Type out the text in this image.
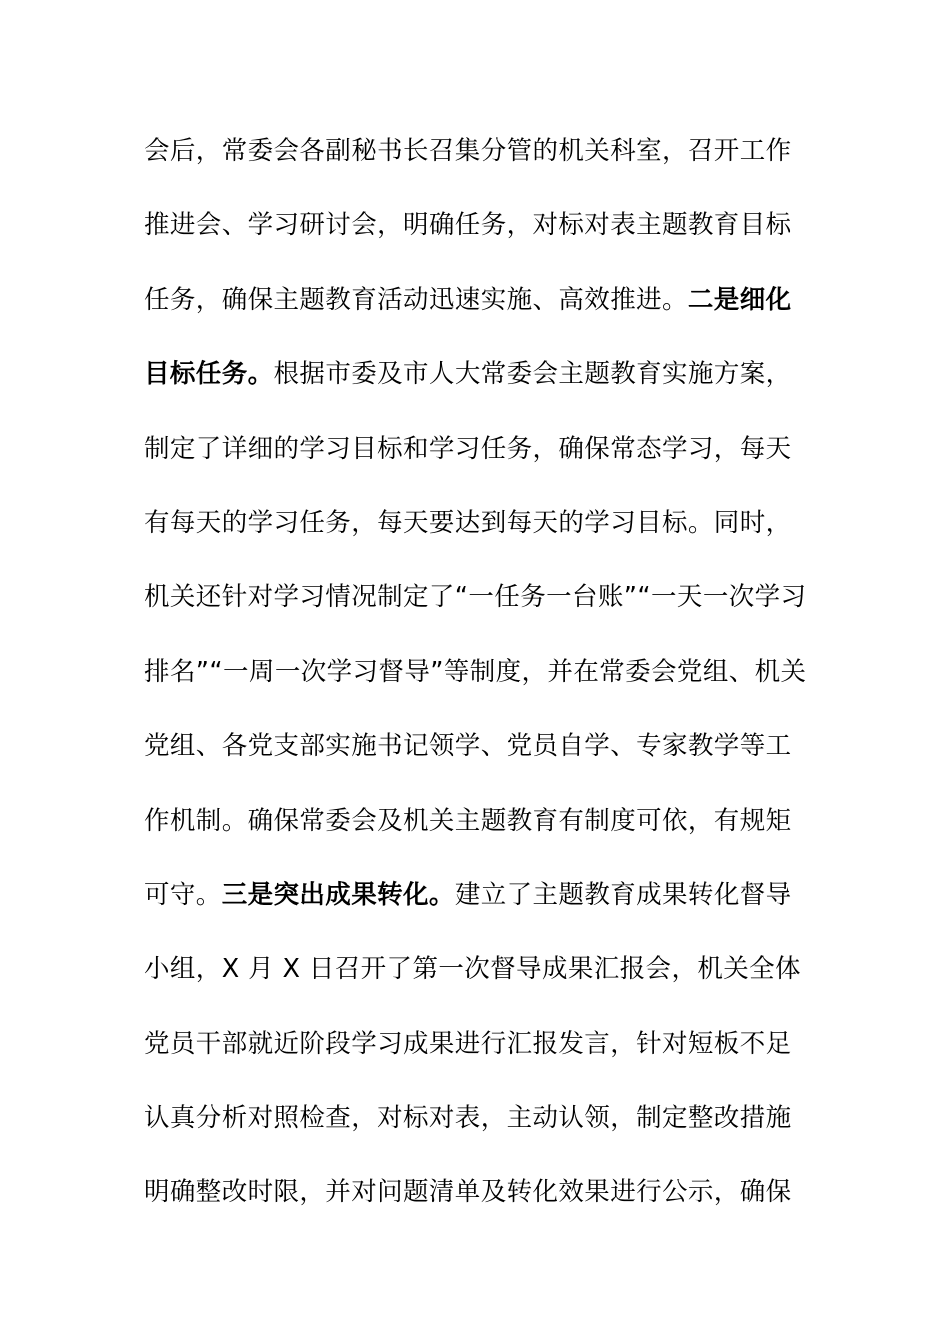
会后，常委会各副秘书长召集分管的机关科室，召开工作
推进会、学习研讨会，明确任务，对标对表主题教育目标
任务，确保主题教育活动迅速实施、高效推进。二是细化
目标任务。根据市委及市人大常委会主题教育实施方案，
制定了详细的学习目标和学习任务，确保常态学习，每天
有每天的学习任务，每天要达到每天的学习目标。同时，
机关还针对学习情况制定了“一任务一台账”“一天一次学习
排名”“一周一次学习督导”等制度，并在常委会党组、机关
党组、各党支部实施书记领学、党员自学、专家教学等工
作机制。确保常委会及机关主题教育有制度可依，有规矩
可守。三是突出成果转化。建立了主题教育成果转化督导
小组，X 月 X 日召开了第一次督导成果汇报会，机关全体
党员干部就近阶段学习成果进行汇报发言，针对短板不足
认真分析对照检查，对标对表，主动认领，制定整改措施
明确整改时限，并对问题清单及转化效果进行公示，确保
